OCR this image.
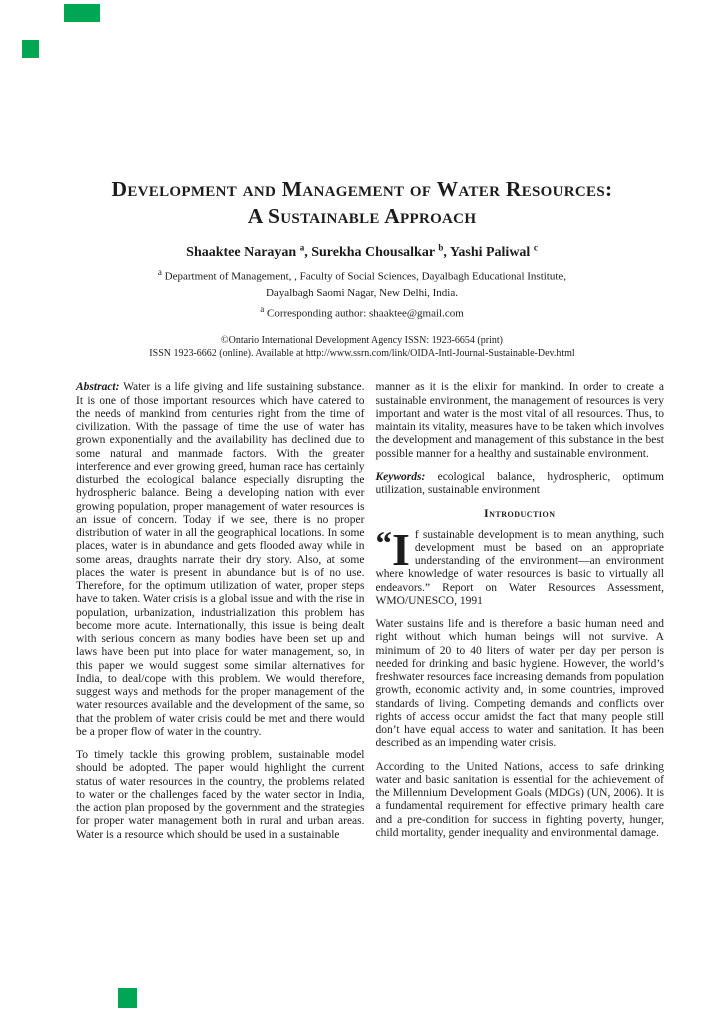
Development and Management of Water Resources:
A Sustainable Approach

Shaaktee Narayan $^a$, Surekha Chousalkar $^b$, Yashi Paliwal $^c$

$^a$ Department of Management, , Faculty of Social Sciences, Dayalbagh Educational Institute,

Dayalbagh Saomi Nagar, New Delhi, India.

$^a$ Corresponding author: shaaktee@gmail.com

©Ontario International Development Agency ISSN: 1923-6654 (print)

ISSN 1923-6662 (online). Available at http://www.ssrn.com/link/OIDA-Intl-Journal-Sustainable-Dev.html

Abstract: Water is a life giving and life sustaining substance. It is one of those important resources which have catered to the needs of mankind from centuries right from the time of civilization. With the passage of time the use of water has grown exponentially and the availability has declined due to some natural and manmade factors. With the greater interference and ever growing greed, human race has certainly disturbed the ecological balance especially disrupting the hydrospheric balance. Being a developing nation with ever growing population, proper management of water resources is an issue of concern. Today if we see, there is no proper distribution of water in all the geographical locations. In some places, water is in abundance and gets flooded away while in some areas, draughts narrate their dry story. Also, at some places the water is present in abundance but is of no use. Therefore, for the optimum utilization of water, proper steps have to taken. Water crisis is a global issue and with the rise in population, urbanization, industrialization this problem has become more acute. Internationally, this issue is being dealt with serious concern as many bodies have been set up and laws have been put into place for water management, so, in this paper we would suggest some similar alternatives for India, to deal/cope with this problem. We would therefore, suggest ways and methods for the proper management of the water resources available and the development of the same, so that the problem of water crisis could be met and there would be a proper flow of water in the country.

To timely tackle this growing problem, sustainable model should be adopted. The paper would highlight the current status of water resources in the country, the problems related to water or the challenges faced by the water sector in India, the action plan proposed by the government and the strategies for proper water management both in rural and urban areas. Water is a resource which should be used in a sustainable

manner as it is the elixir for mankind. In order to create a sustainable environment, the management of resources is very important and water is the most vital of all resources. Thus, to maintain its vitality, measures have to be taken which involves the development and management of this substance in the best possible manner for a healthy and sustainable environment.

Keywords: ecological balance, hydrospheric, optimum utilization, sustainable environment

Introduction

“ I f sustainable development is to mean anything, such development must be based on an appropriate understanding of the environment—an environment where knowledge of water resources is basic to virtually all endeavors.” Report on Water Resources Assessment, WMO/UNESCO, 1991

Water sustains life and is therefore a basic human need and right without which human beings will not survive. A minimum of 20 to 40 liters of water per day per person is needed for drinking and basic hygiene. However, the world’s freshwater resources face increasing demands from population growth, economic activity and, in some countries, improved standards of living. Competing demands and conflicts over rights of access occur amidst the fact that many people still don’t have equal access to water and sanitation. It has been described as an impending water crisis.

According to the United Nations, access to safe drinking water and basic sanitation is essential for the achievement of the Millennium Development Goals (MDGs) (UN, 2006). It is a fundamental requirement for effective primary health care and a pre-condition for success in fighting poverty, hunger, child mortality, gender inequality and environmental damage.
